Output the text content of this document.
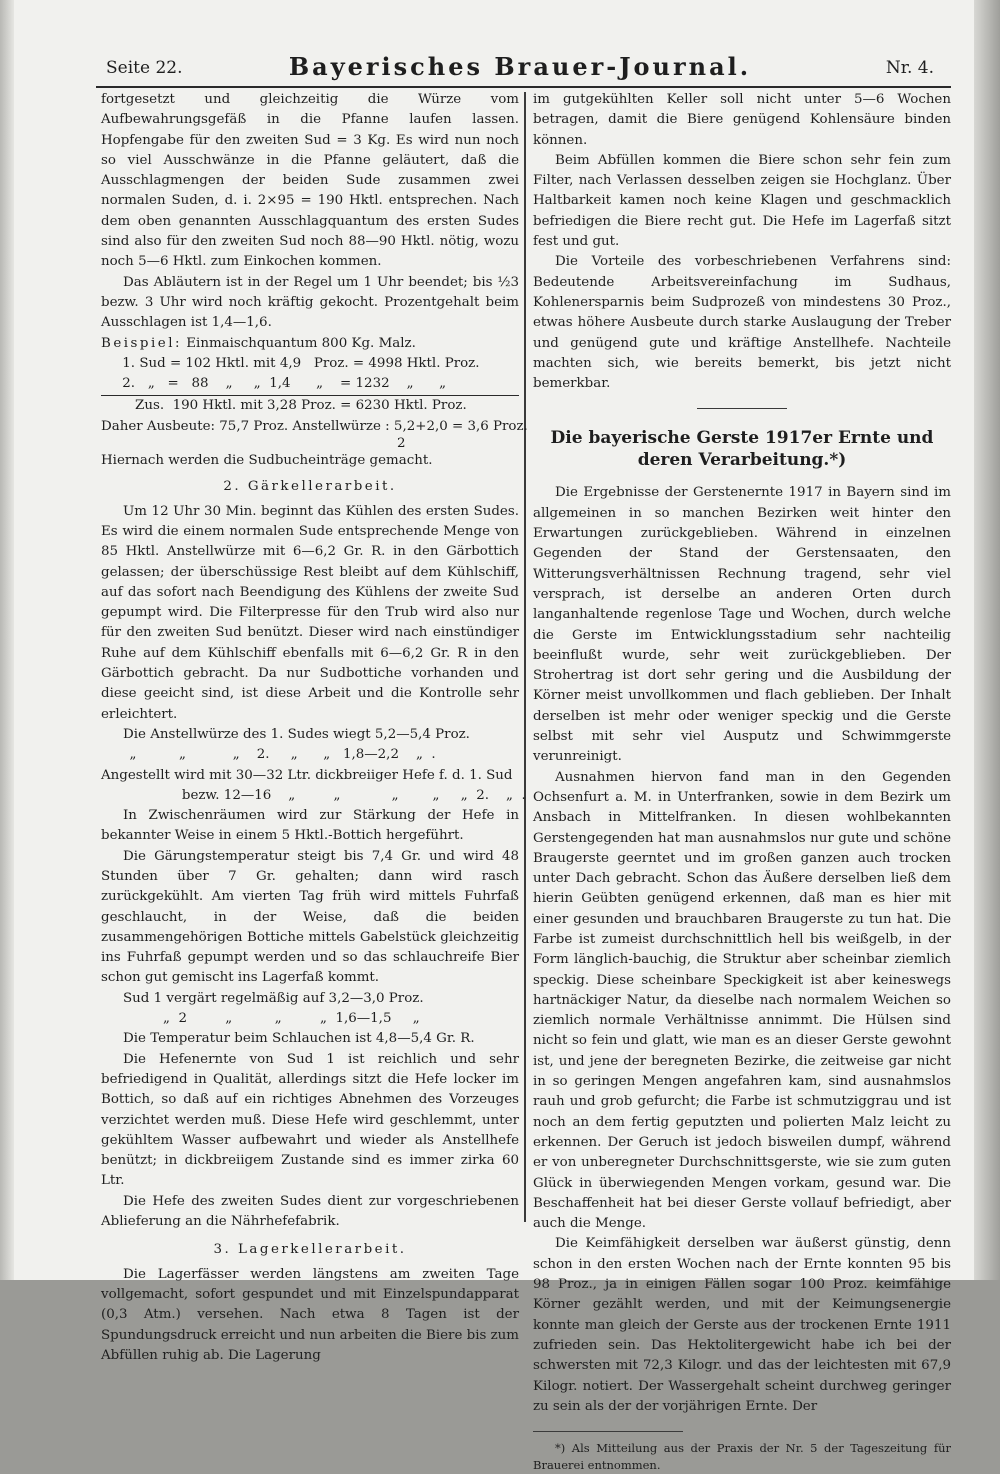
Seite 22.	Bayerisches Brauer-Journal.	Nr. 4.

fortgesetzt und gleichzeitig die Würze vom Aufbewahrungsgefäß in die Pfanne laufen lassen. Hopfengabe für den zweiten Sud = 3 Kg. Es wird nun noch so viel Ausschwänze in die Pfanne geläutert, daß die Ausschlagmengen der beiden Sude zusammen zwei normalen Suden, d. i. 2×95 = 190 Hktl. entsprechen. Nach dem oben genannten Ausschlagquantum des ersten Sudes sind also für den zweiten Sud noch 88—90 Hktl. nötig, wozu noch 5—6 Hktl. zum Einkochen kommen.

Das Abläutern ist in der Regel um 1 Uhr beendet; bis ½3 bezw. 3 Uhr wird noch kräftig gekocht. Prozentgehalt beim Ausschlagen ist 1,4—1,6.

Beispiel: Einmaischquantum 800 Kg. Malz.

1. Sud = 102 Hktl. mit 4,9   Proz. = 4998 Hktl. Proz.
2.   „   =   88    „     „  1,4      „    = 1232    „      „
Zus.  190 Hktl. mit 3,28 Proz. = 6230 Hktl. Proz.
Daher Ausbeute: 75,7 Proz. Anstellwürze : 5,2+2,0 = 3,6 Proz.
2

Hiernach werden die Sudbucheinträge gemacht.

2. Gärkellerarbeit.

Um 12 Uhr 30 Min. beginnt das Kühlen des ersten Sudes. Es wird die einem normalen Sude entsprechende Menge von 85 Hktl. Anstellwürze mit 6—6,2 Gr. R. in den Gärbottich gelassen; der überschüssige Rest bleibt auf dem Kühlschiff, auf das sofort nach Beendigung des Kühlens der zweite Sud gepumpt wird. Die Filterpresse für den Trub wird also nur für den zweiten Sud benützt. Dieser wird nach einstündiger Ruhe auf dem Kühlschiff ebenfalls mit 6—6,2 Gr. R in den Gärbottich gebracht. Da nur Sudbottiche vorhanden und diese geeicht sind, ist diese Arbeit und die Kontrolle sehr erleichtert.

Die Anstellwürze des 1. Sudes wiegt 5,2—5,4 Proz.

„          „           „    2.     „      „   1,8—2,2    „  .

Angestellt wird mit 30—32 Ltr. dickbreiiger Hefe f. d. 1. Sud

bezw. 12—16    „         „            „        „     „  2.    „  .

In Zwischenräumen wird zur Stärkung der Hefe in bekannter Weise in einem 5 Hktl.-Bottich hergeführt.

Die Gärungstemperatur steigt bis 7,4 Gr. und wird 48 Stunden über 7 Gr. gehalten; dann wird rasch zurückgekühlt. Am vierten Tag früh wird mittels Fuhrfaß geschlaucht, in der Weise, daß die beiden zusammengehörigen Bottiche mittels Gabelstück gleichzeitig ins Fuhrfaß gepumpt werden und so das schlauchreife Bier schon gut gemischt ins Lagerfaß kommt.

Sud 1 vergärt regelmäßig auf 3,2—3,0 Proz.

„  2         „          „         „  1,6—1,5     „

Die Temperatur beim Schlauchen ist 4,8—5,4 Gr. R.

Die Hefenernte von Sud 1 ist reichlich und sehr befriedigend in Qualität, allerdings sitzt die Hefe locker im Bottich, so daß auf ein richtiges Abnehmen des Vorzeuges verzichtet werden muß. Diese Hefe wird geschlemmt, unter gekühltem Wasser aufbewahrt und wieder als Anstellhefe benützt; in dickbreiigem Zustande sind es immer zirka 60 Ltr.

Die Hefe des zweiten Sudes dient zur vorgeschriebenen Ablieferung an die Nährhefefabrik.

3. Lagerkellerarbeit.

Die Lagerfässer werden längstens am zweiten Tage vollgemacht, sofort gespundet und mit Einzelspundapparat (0,3 Atm.) versehen. Nach etwa 8 Tagen ist der Spundungsdruck erreicht und nun arbeiten die Biere bis zum Abfüllen ruhig ab. Die Lagerung

im gutgekühlten Keller soll nicht unter 5—6 Wochen betragen, damit die Biere genügend Kohlensäure binden können.

Beim Abfüllen kommen die Biere schon sehr fein zum Filter, nach Verlassen desselben zeigen sie Hochglanz. Über Haltbarkeit kamen noch keine Klagen und geschmacklich befriedigen die Biere recht gut. Die Hefe im Lagerfaß sitzt fest und gut.

Die Vorteile des vorbeschriebenen Verfahrens sind: Bedeutende Arbeitsvereinfachung im Sudhaus, Kohlenersparnis beim Sudprozeß von mindestens 30 Proz., etwas höhere Ausbeute durch starke Auslaugung der Treber und genügend gute und kräftige Anstellhefe. Nachteile machten sich, wie bereits bemerkt, bis jetzt nicht bemerkbar.

Die bayerische Gerste 1917er Ernte und deren Verarbeitung.*)

Die Ergebnisse der Gerstenernte 1917 in Bayern sind im allgemeinen in so manchen Bezirken weit hinter den Erwartungen zurückgeblieben. Während in einzelnen Gegenden der Stand der Gerstensaaten, den Witterungsverhältnissen Rechnung tragend, sehr viel versprach, ist derselbe an anderen Orten durch langanhaltende regenlose Tage und Wochen, durch welche die Gerste im Entwicklungsstadium sehr nachteilig beeinflußt wurde, sehr weit zurückgeblieben. Der Strohertrag ist dort sehr gering und die Ausbildung der Körner meist unvollkommen und flach geblieben. Der Inhalt derselben ist mehr oder weniger speckig und die Gerste selbst mit sehr viel Ausputz und Schwimmgerste verunreinigt.

Ausnahmen hiervon fand man in den Gegenden Ochsenfurt a. M. in Unterfranken, sowie in dem Bezirk um Ansbach in Mittelfranken. In diesen wohlbekannten Gerstengegenden hat man ausnahmslos nur gute und schöne Braugerste geerntet und im großen ganzen auch trocken unter Dach gebracht. Schon das Äußere derselben ließ dem hierin Geübten genügend erkennen, daß man es hier mit einer gesunden und brauchbaren Braugerste zu tun hat. Die Farbe ist zumeist durchschnittlich hell bis weißgelb, in der Form länglich-bauchig, die Struktur aber scheinbar ziemlich speckig. Diese scheinbare Speckigkeit ist aber keineswegs hartnäckiger Natur, da dieselbe nach normalem Weichen so ziemlich normale Verhältnisse annimmt. Die Hülsen sind nicht so fein und glatt, wie man es an dieser Gerste gewohnt ist, und jene der beregneten Bezirke, die zeitweise gar nicht in so geringen Mengen angefahren kam, sind ausnahmslos rauh und grob gefurcht; die Farbe ist schmutziggrau und ist noch an dem fertig geputzten und polierten Malz leicht zu erkennen. Der Geruch ist jedoch bisweilen dumpf, während er von unberegneter Durchschnittsgerste, wie sie zum guten Glück in überwiegenden Mengen vorkam, gesund war. Die Beschaffenheit hat bei dieser Gerste vollauf befriedigt, aber auch die Menge.

Die Keimfähigkeit derselben war äußerst günstig, denn schon in den ersten Wochen nach der Ernte konnten 95 bis 98 Proz., ja in einigen Fällen sogar 100 Proz. keimfähige Körner gezählt werden, und mit der Keimungsenergie konnte man gleich der Gerste aus der trockenen Ernte 1911 zufrieden sein. Das Hektolitergewicht habe ich bei der schwersten mit 72,3 Kilogr. und das der leichtesten mit 67,9 Kilogr. notiert. Der Wassergehalt scheint durchweg geringer zu sein als der der vorjährigen Ernte. Der

*) Als Mitteilung aus der Praxis der Nr. 5 der Tageszeitung für Brauerei entnommen.
